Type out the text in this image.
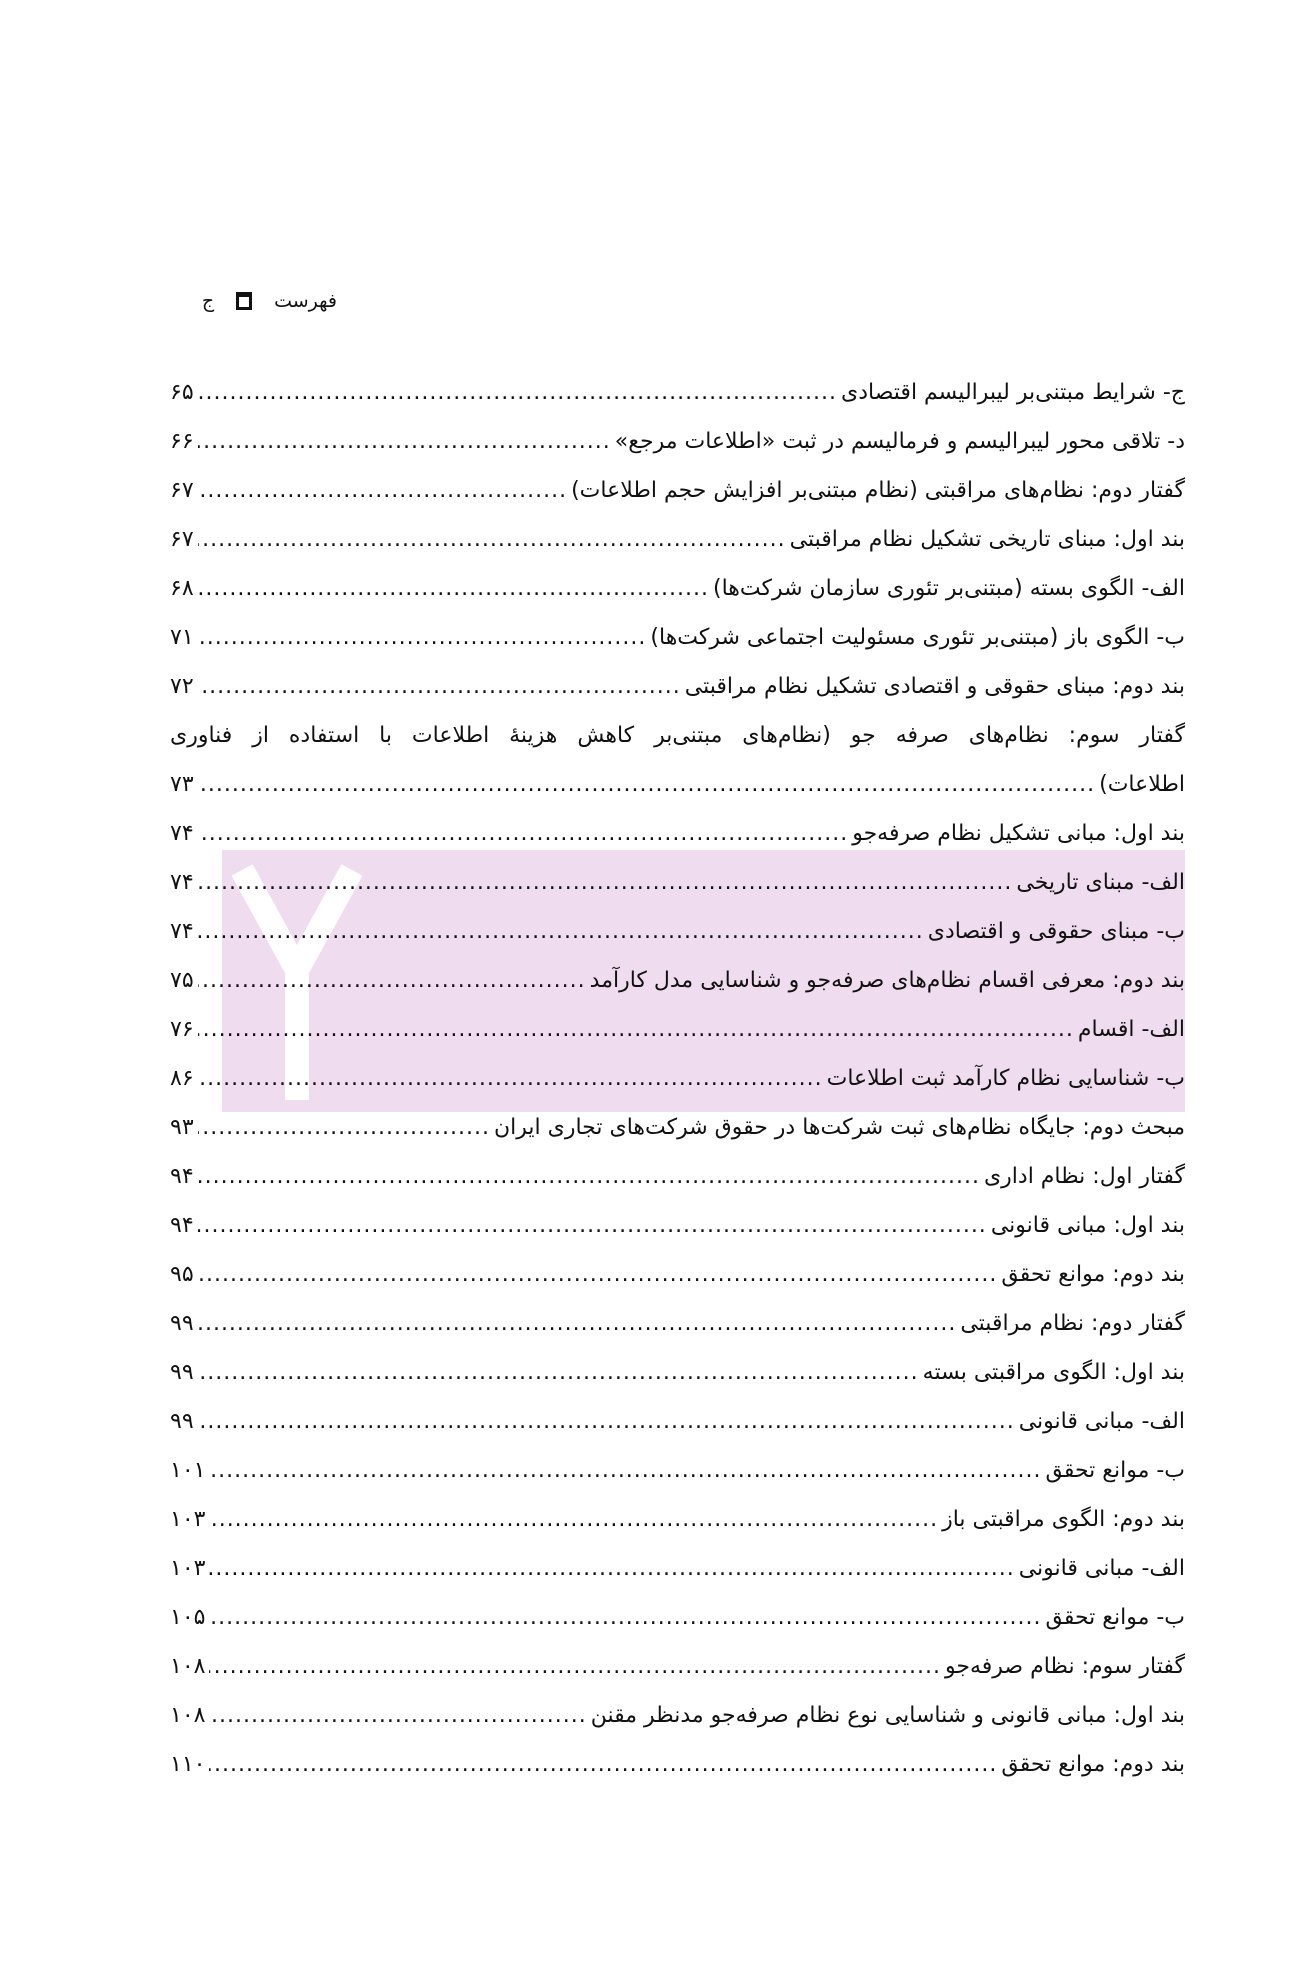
فهرست
ج
ج- شرایط مبتنی‌بر لیبرالیسم اقتصادی
.....
۶۵
د- تلاقی محور لیبرالیسم و فرمالیسم در ثبت «اطلاعات مرجع»
.....
۶۶
گفتار دوم: نظام‌های مراقبتی (نظام مبتنی‌بر افزایش حجم اطلاعات)
.....
۶۷
بند اول: مبنای تاریخی تشکیل نظام مراقبتی
.....
۶۷
الف- الگوی بسته (مبتنی‌بر تئوری سازمان شرکت‌ها)
.....
۶۸
ب- الگوی باز (مبتنی‌بر تئوری مسئولیت اجتماعی شرکت‌ها)
.....
۷۱
بند دوم: مبنای حقوقی و اقتصادی تشکیل نظام مراقبتی
.....
۷۲
گفتار سوم: نظام‌های صرفه جو (نظام‌های مبتنی‌بر کاهش هزینۀ اطلاعات با استفاده از فناوری
اطلاعات)
.....
۷۳
بند اول: مبانی تشکیل نظام صرفه‌جو
.....
۷۴
الف- مبنای تاریخی
.....
۷۴
ب- مبنای حقوقی و اقتصادی
.....
۷۴
بند دوم: معرفی اقسام نظام‌های صرفه‌جو و شناسایی مدل کارآمد
.....
۷۵
الف- اقسام
.....
۷۶
ب- شناسایی نظام کارآمد ثبت اطلاعات
.....
۸۶
مبحث دوم: جایگاه نظام‌های ثبت شرکت‌ها در حقوق شرکت‌های تجاری ایران
.....
۹۳
گفتار اول: نظام اداری
.....
۹۴
بند اول: مبانی قانونی
.....
۹۴
بند دوم: موانع تحقق
.....
۹۵
گفتار دوم: نظام مراقبتی
.....
۹۹
بند اول: الگوی مراقبتی بسته
.....
۹۹
الف- مبانی قانونی
.....
۹۹
ب- موانع تحقق
.....
۱۰۱
بند دوم: الگوی مراقبتی باز
.....
۱۰۳
الف- مبانی قانونی
.....
۱۰۳
ب- موانع تحقق
.....
۱۰۵
گفتار سوم: نظام صرفه‌جو
.....
۱۰۸
بند اول: مبانی قانونی و شناسایی نوع نظام صرفه‌جو مدنظر مقنن
.....
۱۰۸
بند دوم: موانع تحقق
.....
۱۱۰
